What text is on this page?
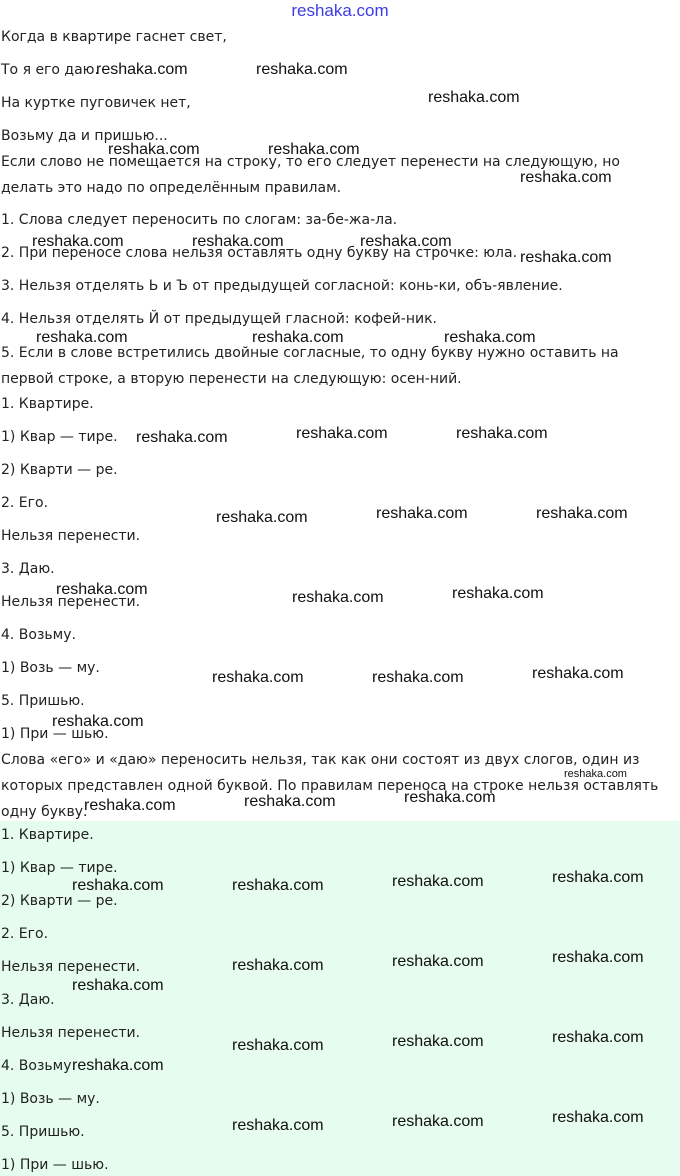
reshaka.com
Когда в квартире гаснет свет,
То я его даю.
На куртке пуговичек нет,
Возьму да и пришью...
Если слово не помещается на строку, то его следует перенести на следующую, но
делать это надо по определённым правилам.
1. Слова следует переносить по слогам: за-бе-жа-ла.
2. При переносе слова нельзя оставлять одну букву на строчке: юла.
3. Нельзя отделять Ь и Ъ от предыдущей согласной: конь-ки, объ-явление.
4. Нельзя отделять Й от предыдущей гласной: кофей-ник.
5. Если в слове встретились двойные согласные, то одну букву нужно оставить на
первой строке, а вторую перенести на следующую: осен-ний.
1. Квартире.
1) Квар — тире.
2) Кварти — ре.
2. Его.
Нельзя перенести.
3. Даю.
Нельзя перенести.
4. Возьму.
1) Возь — му.
5. Пришью.
1) При — шью.
Слова «его» и «даю» переносить нельзя, так как они состоят из двух слогов, один из
которых представлен одной буквой. По правилам переноса на строке нельзя оставлять
одну букву.
1. Квартире.
1) Квар — тире.
2) Кварти — ре.
2. Его.
Нельзя перенести.
3. Даю.
Нельзя перенести.
4. Возьму.
1) Возь — му.
5. Пришью.
1) При — шью.
reshaka.com	reshaka.com
reshaka.com
reshaka.com	reshaka.com
reshaka.com
reshaka.com	reshaka.com	reshaka.com
reshaka.com
reshaka.com	reshaka.com	reshaka.com
reshaka.com	reshaka.com	reshaka.com
reshaka.com	reshaka.com	reshaka.com
reshaka.com	reshaka.com	reshaka.com
reshaka.com	reshaka.com	reshaka.com
reshaka.com
reshaka.com
reshaka.com	reshaka.com	reshaka.com
reshaka.com	reshaka.com	reshaka.com	reshaka.com
reshaka.com	reshaka.com	reshaka.com
reshaka.com
reshaka.com	reshaka.com	reshaka.com
reshaka.com
reshaka.com	reshaka.com	reshaka.com
